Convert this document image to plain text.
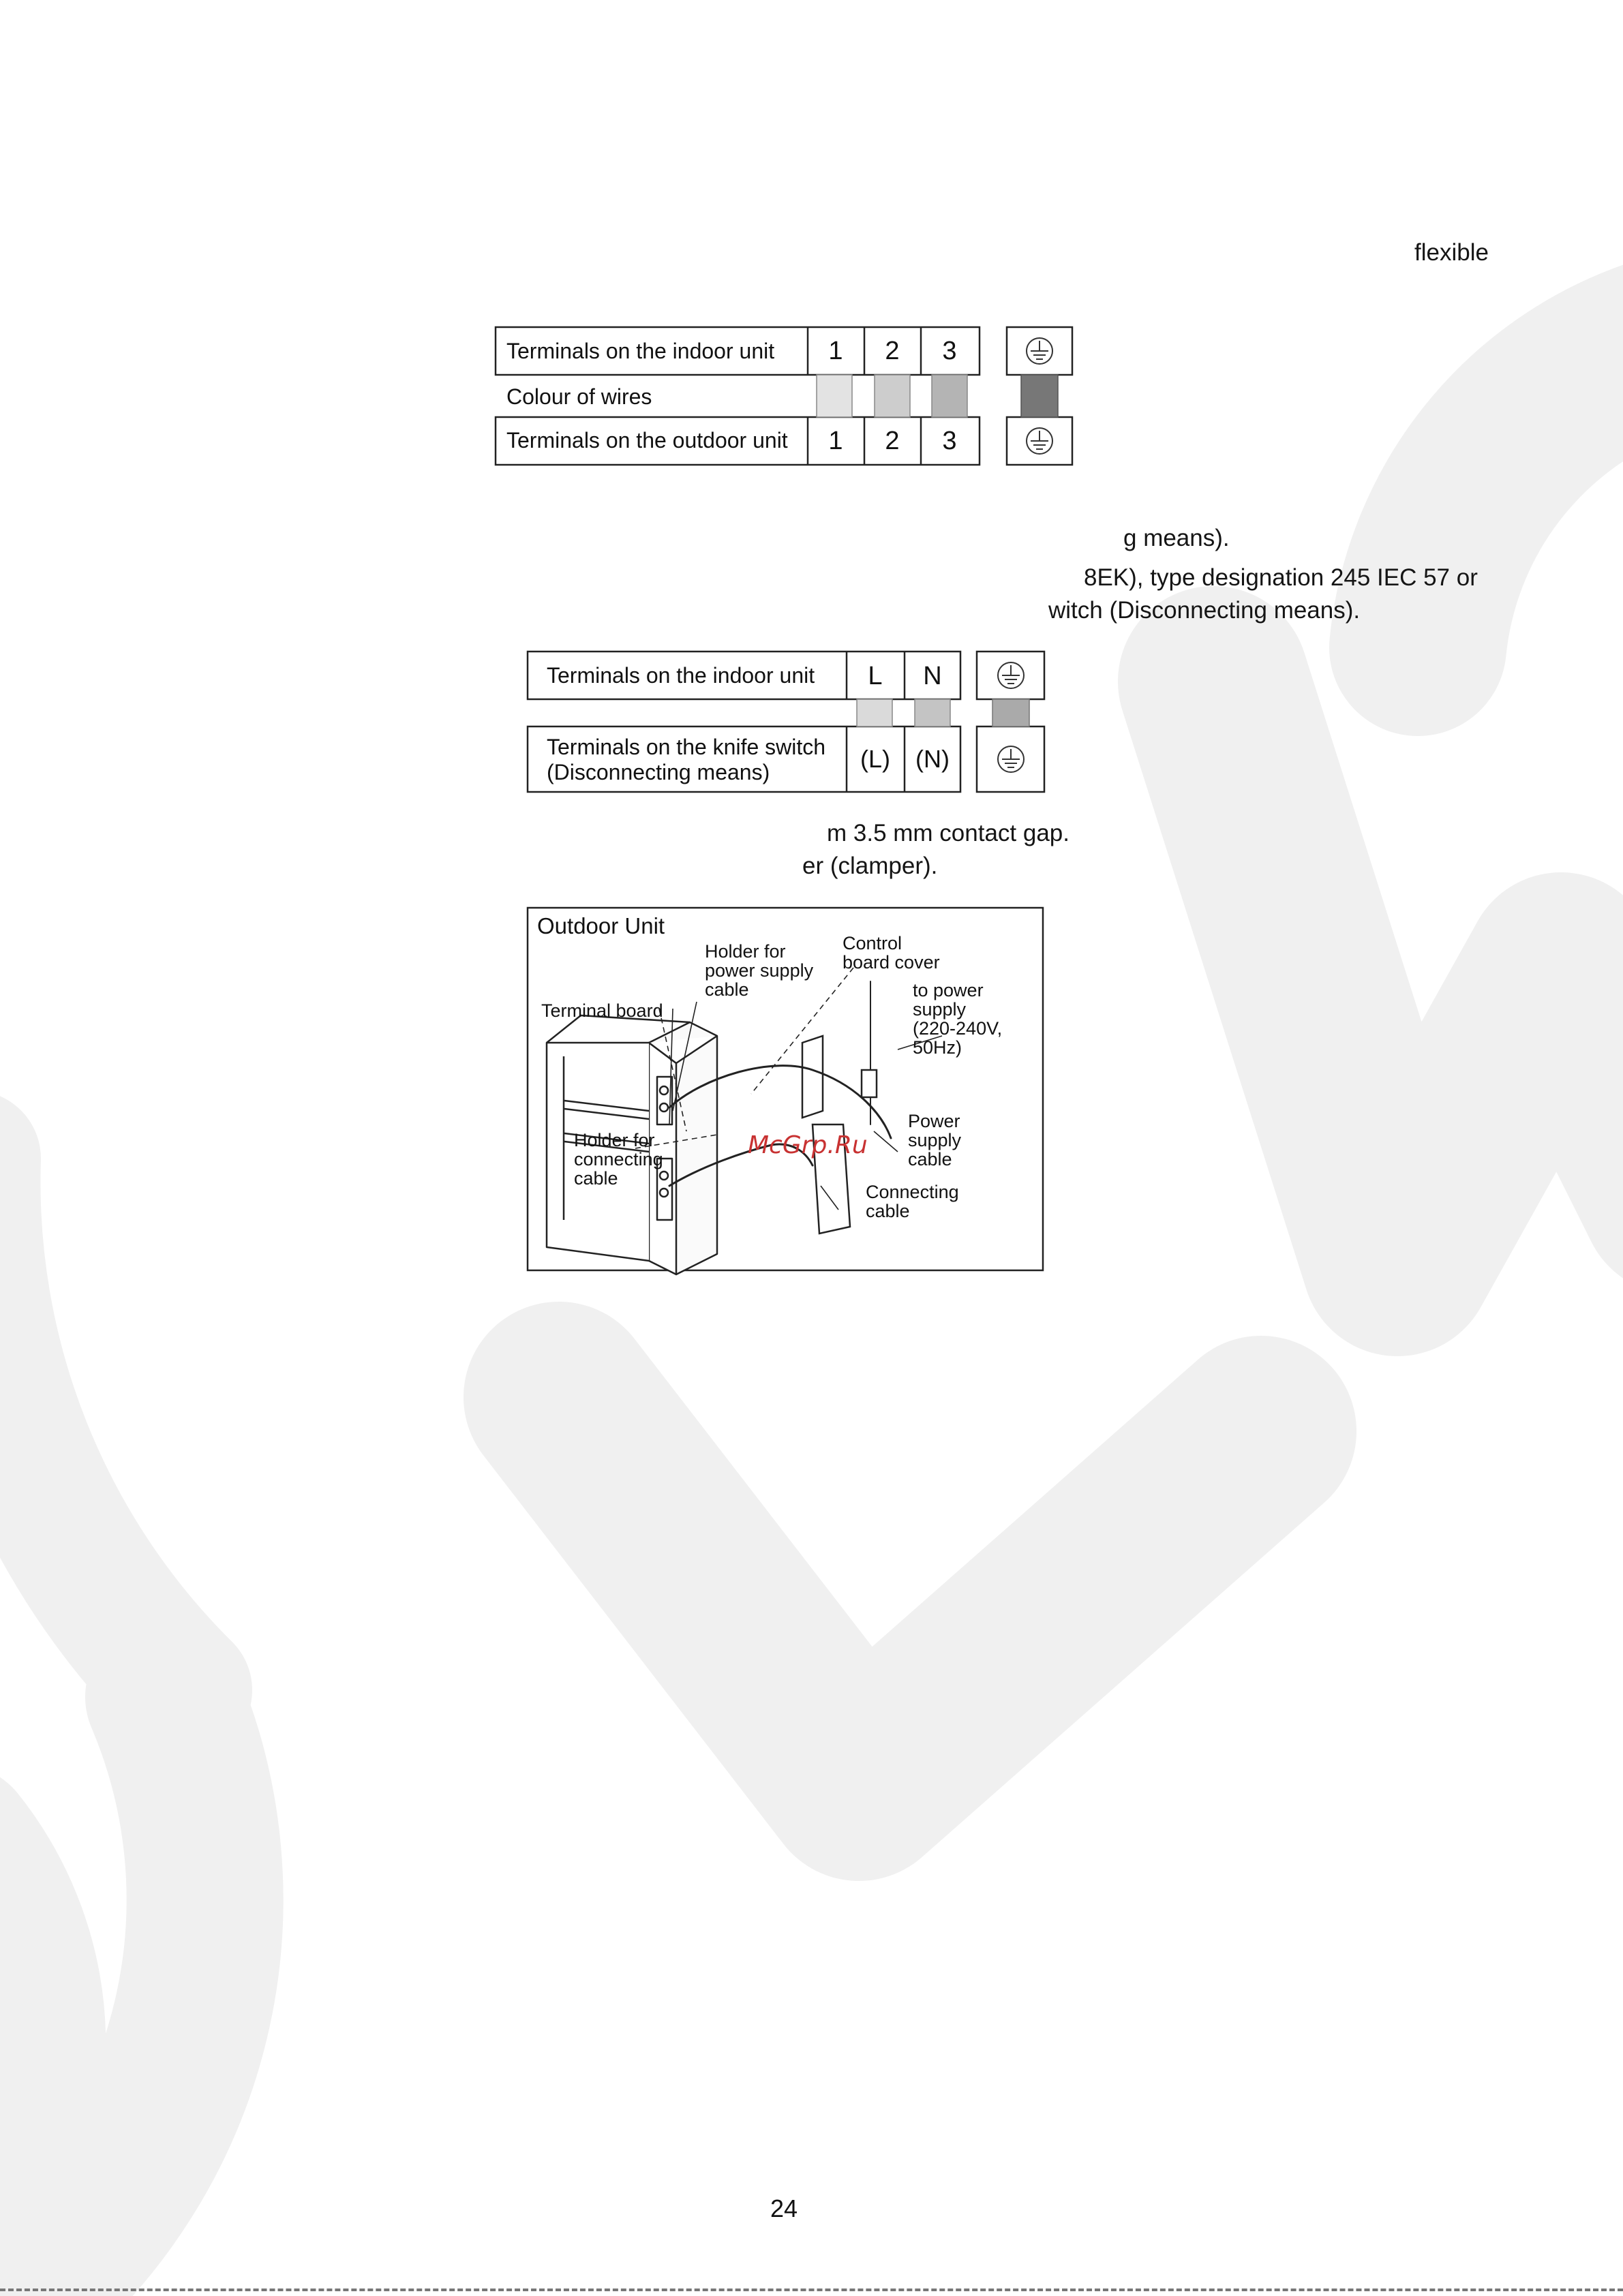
flexible
g means).
8EK), type designation 245 IEC 57 or
witch (Disconnecting means).
m 3.5 mm contact gap.
er (clamper).
Terminals on the indoor unit
Colour of wires
Terminals on the outdoor unit
1 2 3
1 2 3
Terminals on the indoor unit
Terminals on the knife switch
(Disconnecting means)
L N
(L) (N)
Outdoor Unit
Holder for
power supply
cable
Control
board cover
Terminal board
to power
supply
(220-240V,
50Hz)
Power
supply
cable
Holder for
connecting
cable
Connecting
cable
McGrp.Ru
24
